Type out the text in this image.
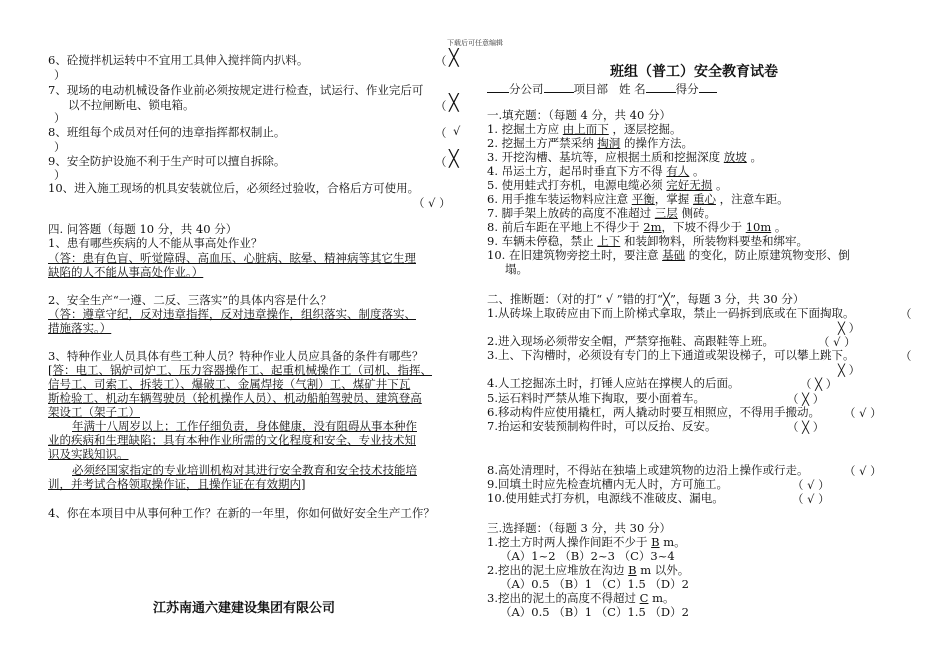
下载后可任意编辑
6、砼搅拌机运转中不宜用工具伸入搅拌筒内扒料。	（ ╳
）
7、现场的电动机械设备作业前必须按规定进行检查，试运行、作业完后可
以不拉闸断电、锁电箱。	（ ╳
）
8、班组每个成员对任何的违章指挥都权制止。	（ √
）
9、安全防护设施不利于生产时可以擅自拆除。	（ ╳
）
10、进入施工现场的机具安装就位后，必须经过验收，合格后方可使用。
（ √ ）
四. 问答题（每题 10 分，共 40 分）
1、患有哪些疾病的人不能从事高处作业？
（答：患有色盲、听觉障碍、高血压、心脏病、眩晕、精神病等其它生理
缺陷的人不能从事高处作业。）
2、安全生产“一遵、二反、三落实”的具体内容是什么？
（答：遵章守纪，反对违章指挥，反对违章操作，组织落实、制度落实、
措施落实。）
3、特种作业人员具体有些工种人员？特种作业人员应具备的条件有哪些？
[答：电工、锅炉司炉工、压力容器操作工、起重机械操作工（司机、指挥、
信号工、司索工、拆装工）、爆破工、金属焊接（气割）工、煤矿井下瓦
斯检验工、机动车辆驾驶员（轮机操作人员）、机动船舶驾驶员、建筑登高
架设工（架子工）
年满十八周岁以上；工作仔细负责，身体健康，没有阻碍从事本种作
业的疾病和生理缺陷；具有本种作业所需的文化程度和安全、专业技术知
识及实践知识。
必须经国家指定的专业培训机构对其进行安全教育和安全技术技能培
训，并考试合格领取操作证，且操作证在有效期内]
4、你在本项目中从事何种工作？在新的一年里，你如何做好安全生产工作？
江苏南通六建建设集团有限公司
班组（普工）安全教育试卷
分公司	项目部 姓 名	得分
一.填充题：（每题 4 分，共 40 分）
1. 挖掘土方应 由上而下 ，逐层挖掘。
2. 挖掘土方严禁采纳 掏洞 的操作方法。
3. 开挖沟槽、基坑等，应根据土质和挖掘深度 放坡 。
4. 吊运土方，起吊时垂直下方不得 有人 。
5. 使用蛙式打夯机，电源电缆必须 完好无损 。
6. 用手推车装运物料应注意 平衡，掌握 重心 ，注意车距。
7. 脚手架上放砖的高度不准超过 三层 侧砖。
8. 前后车距在平地上不得少于 2m，下坡不得少于 10m 。
9. 车辆未停稳，禁止 上下 和装卸物料，所装物料要垫和绑牢。
10. 在旧建筑物旁挖土时，要注意 基础 的变化，防止原建筑物变形、倒
塌。
二、推断题：（对的打“ √ ”错的打“╳”，每题 3 分，共 30 分）
1.从砖垛上取砖应由下而上阶梯式拿取，禁止一码拆到底或在下面掏取。	（
╳ ）
2.进入现场必须带安全帽，严禁穿拖鞋、高跟鞋等上班。	（ √ ）
3.上、下沟槽时，必须设有专门的上下通道或架设梯子，可以攀上跳下。	（
╳ ）
4.人工挖掘冻土时，打锤人应站在撑楔人的后面。	（ ╳ ）
5.运石料时严禁从堆下掏取，要小面着车。	（ ╳ ）
6.移动构件应使用撬杠，两人撬动时要互相照应，不得用手搬动。 （ √ ）
7.抬运和安装预制构件时，可以反抬、反安。	（ ╳ ）
8.高处清理时，不得站在独墙上或建筑物的边沿上操作或行走。	（ √ ）
9.回填土时应先检查坑槽内无人时，方可施工。	（ √ ）
10.使用蛙式打夯机，电源线不准破皮、漏电。	（ √ ）
三.选择题：（每题 3 分，共 30 分）
1.挖土方时两人操作间距不少于 B m。
（A）1~2 （B）2~3 （C）3~4
2.挖出的泥土应堆放在沟边 B m 以外。
（A）0.5 （B）1 （C）1.5 （D）2
3.挖出的泥土的高度不得超过 C m。
（A）0.5 （B）1 （C）1.5 （D）2
